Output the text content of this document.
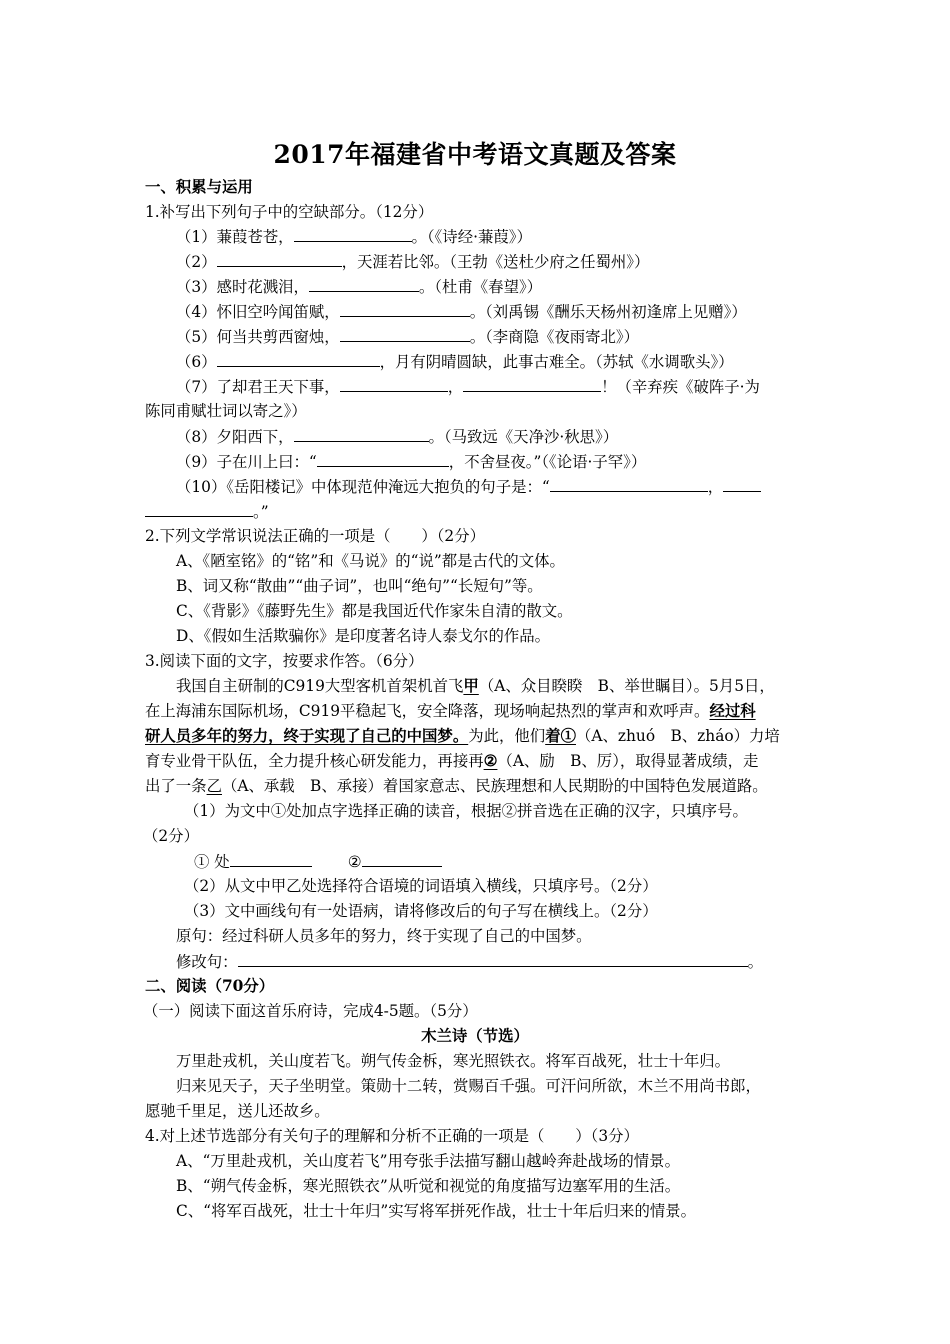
2017年福建省中考语文真题及答案
一、积累与运用
1.补写出下列句子中的空缺部分。（12分）
（1）蒹葭苍苍，	。（《诗经·蒹葭》）
（2）	，天涯若比邻。（王勃《送杜少府之任蜀州》）
（3）感时花溅泪，	。（杜甫《春望》）
（4）怀旧空吟闻笛赋，	。（刘禹锡《酬乐天杨州初逢席上见赠》）
（5）何当共剪西窗烛，	。（李商隐《夜雨寄北》）
（6）	，月有阴晴圆缺，此事古难全。（苏轼《水调歌头》）
（7）了却君王天下事，	，	！（辛弃疾《破阵子·为
陈同甫赋壮词以寄之》）
（8）夕阳西下，	。（马致远《天净沙·秋思》）
（9）子在川上曰：“	，不舍昼夜。”（《论语·子罕》）
（10）《岳阳楼记》中体现范仲淹远大抱负的句子是：“	，
。”
2.下列文学常识说法正确的一项是（　　）（2分）
A、《陋室铭》的“铭”和《马说》的“说”都是古代的文体。
B、词又称“散曲”“曲子词”，也叫“绝句”“长短句”等。
C、《背影》《藤野先生》都是我国近代作家朱自清的散文。
D、《假如生活欺骗你》是印度著名诗人泰戈尔的作品。
3.阅读下面的文字，按要求作答。（6分）
我国自主研制的C919大型客机首架机首飞甲（A、众目睽睽　B、举世瞩目）。5月5日，
在上海浦东国际机场，C919平稳起飞，安全降落，现场响起热烈的掌声和欢呼声。经过科
研人员多年的努力，终于实现了自己的中国梦。为此，他们着①（A、zhuó　B、zháo）力培
育专业骨干队伍，全力提升核心研发能力，再接再②（A、励　B、厉），取得显著成绩，走
出了一条乙（A、承载　B、承接）着国家意志、民族理想和人民期盼的中国特色发展道路。
（1）为文中①处加点字选择正确的读音，根据②拼音选在正确的汉字，只填序号。
（2分）
① 处	②
（2）从文中甲乙处选择符合语境的词语填入横线，只填序号。（2分）
（3）文中画线句有一处语病，请将修改后的句子写在横线上。（2分）
原句：经过科研人员多年的努力，终于实现了自己的中国梦。
修改句：	。
二、阅读（70分）
（一）阅读下面这首乐府诗，完成4-5题。（5分）
木兰诗（节选）
万里赴戎机，关山度若飞。朔气传金柝，寒光照铁衣。将军百战死，壮士十年归。
归来见天子，天子坐明堂。策勋十二转，赏赐百千强。可汗问所欲，木兰不用尚书郎，
愿驰千里足，送儿还故乡。
4.对上述节选部分有关句子的理解和分析不正确的一项是（　　）（3分）
A、“万里赴戎机，关山度若飞”用夸张手法描写翻山越岭奔赴战场的情景。
B、“朔气传金柝，寒光照铁衣”从听觉和视觉的角度描写边塞军用的生活。
C、“将军百战死，壮士十年归”实写将军拼死作战，壮士十年后归来的情景。
